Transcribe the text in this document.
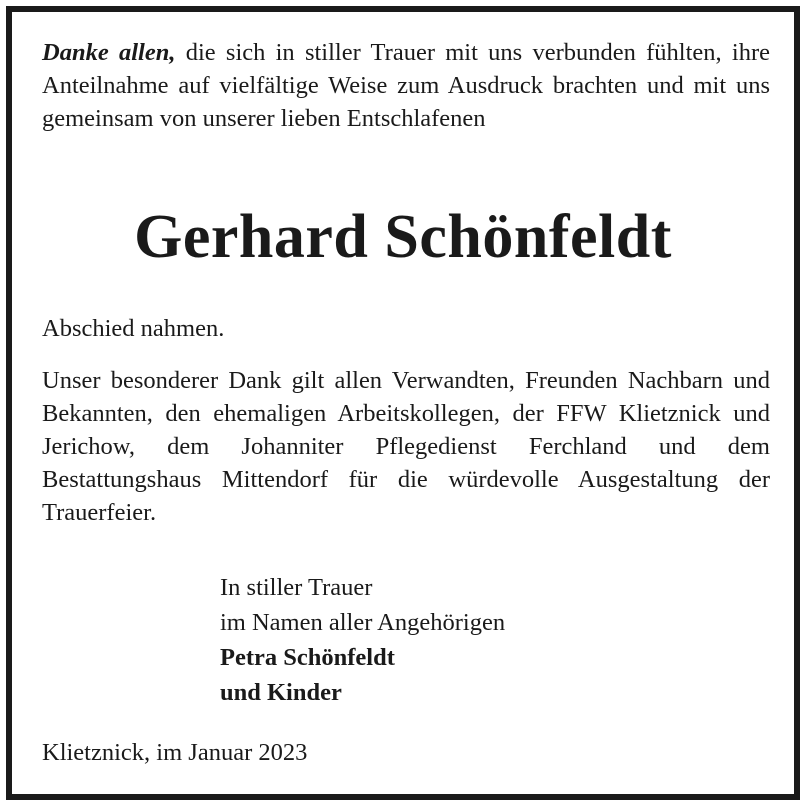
Danke allen, die sich in stiller Trauer mit uns verbunden fühlten, ihre Anteilnahme auf vielfältige Weise zum Ausdruck brachten und mit uns gemeinsam von unserer lieben Entschlafenen

Gerhard Schönfeldt

Abschied nahmen.

Unser besonderer Dank gilt allen Verwandten, Freunden Nachbarn und Bekannten, den ehemaligen Arbeitskollegen, der FFW Klietznick und Jerichow, dem Johanniter Pflegedienst Ferchland und dem Bestattungshaus Mittendorf für die würdevolle Ausgestaltung der Trauerfeier.

In stiller Trauer
im Namen aller Angehörigen
Petra Schönfeldt
und Kinder

Klietznick, im Januar 2023
